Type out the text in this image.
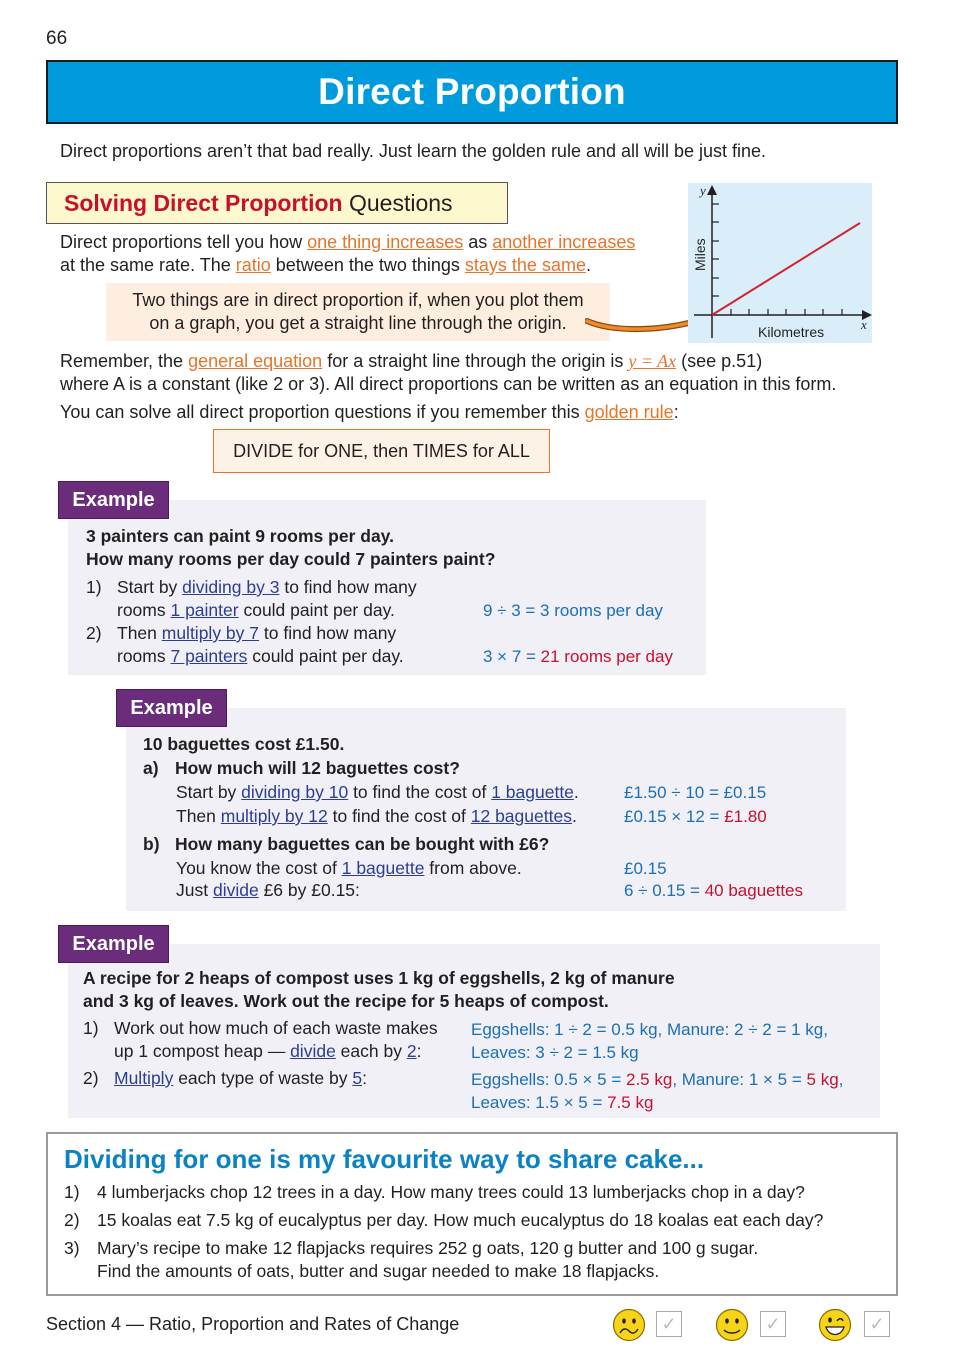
66
Direct Proportion
Direct proportions aren’t that bad really. Just learn the golden rule and all will be just fine.
Solving Direct Proportion
Questions
Direct proportions tell you how one thing increases as another increases
at the same rate. The ratio between the two things stays the same.
Two things are in direct proportion if, when you plot them
on a graph, you get a straight line through the origin.
y
x
Kilometres
Miles
Remember, the general equation for a straight line through the origin is y = Ax (see p.51)
where A is a constant (like 2 or 3). All direct proportions can be written as an equation in this form.
You can solve all direct proportion questions if you remember this golden rule:
DIVIDE for ONE, then TIMES for ALL
Example
3 painters can paint 9 rooms per day.
How many rooms per day could 7 painters paint?
1) Start by dividing by 3 to find how many
rooms 1 painter could paint per day.	9 ÷ 3 = 3 rooms per day
2) Then multiply by 7 to find how many
rooms 7 painters could paint per day.	3 × 7 = 21 rooms per day
Example
10 baguettes cost £1.50.
a) How much will 12 baguettes cost?
Start by dividing by 10 to find the cost of 1 baguette.	£1.50 ÷ 10 = £0.15
Then multiply by 12 to find the cost of 12 baguettes.	£0.15 × 12 = £1.80
b) How many baguettes can be bought with £6?
You know the cost of 1 baguette from above.	£0.15
Just divide £6 by £0.15:	6 ÷ 0.15 = 40 baguettes
Example
A recipe for 2 heaps of compost uses 1 kg of eggshells, 2 kg of manure
and 3 kg of leaves. Work out the recipe for 5 heaps of compost.
1) Work out how much of each waste makes
up 1 compost heap — divide each by 2:
Eggshells: 1 ÷ 2 = 0.5 kg, Manure: 2 ÷ 2 = 1 kg,
Leaves: 3 ÷ 2 = 1.5 kg
2) Multiply each type of waste by 5:	Eggshells: 0.5 × 5 = 2.5 kg, Manure: 1 × 5 = 5 kg,
Leaves: 1.5 × 5 = 7.5 kg
Dividing for one is my favourite way to share cake...
1) 4 lumberjacks chop 12 trees in a day. How many trees could 13 lumberjacks chop in a day?
2) 15 koalas eat 7.5 kg of eucalyptus per day. How much eucalyptus do 18 koalas eat each day?
3) Mary’s recipe to make 12 flapjacks requires 252 g oats, 120 g butter and 100 g sugar.
Find the amounts of oats, butter and sugar needed to make 18 flapjacks.
Section 4 — Ratio, Proportion and Rates of Change	✓	✓	✓
